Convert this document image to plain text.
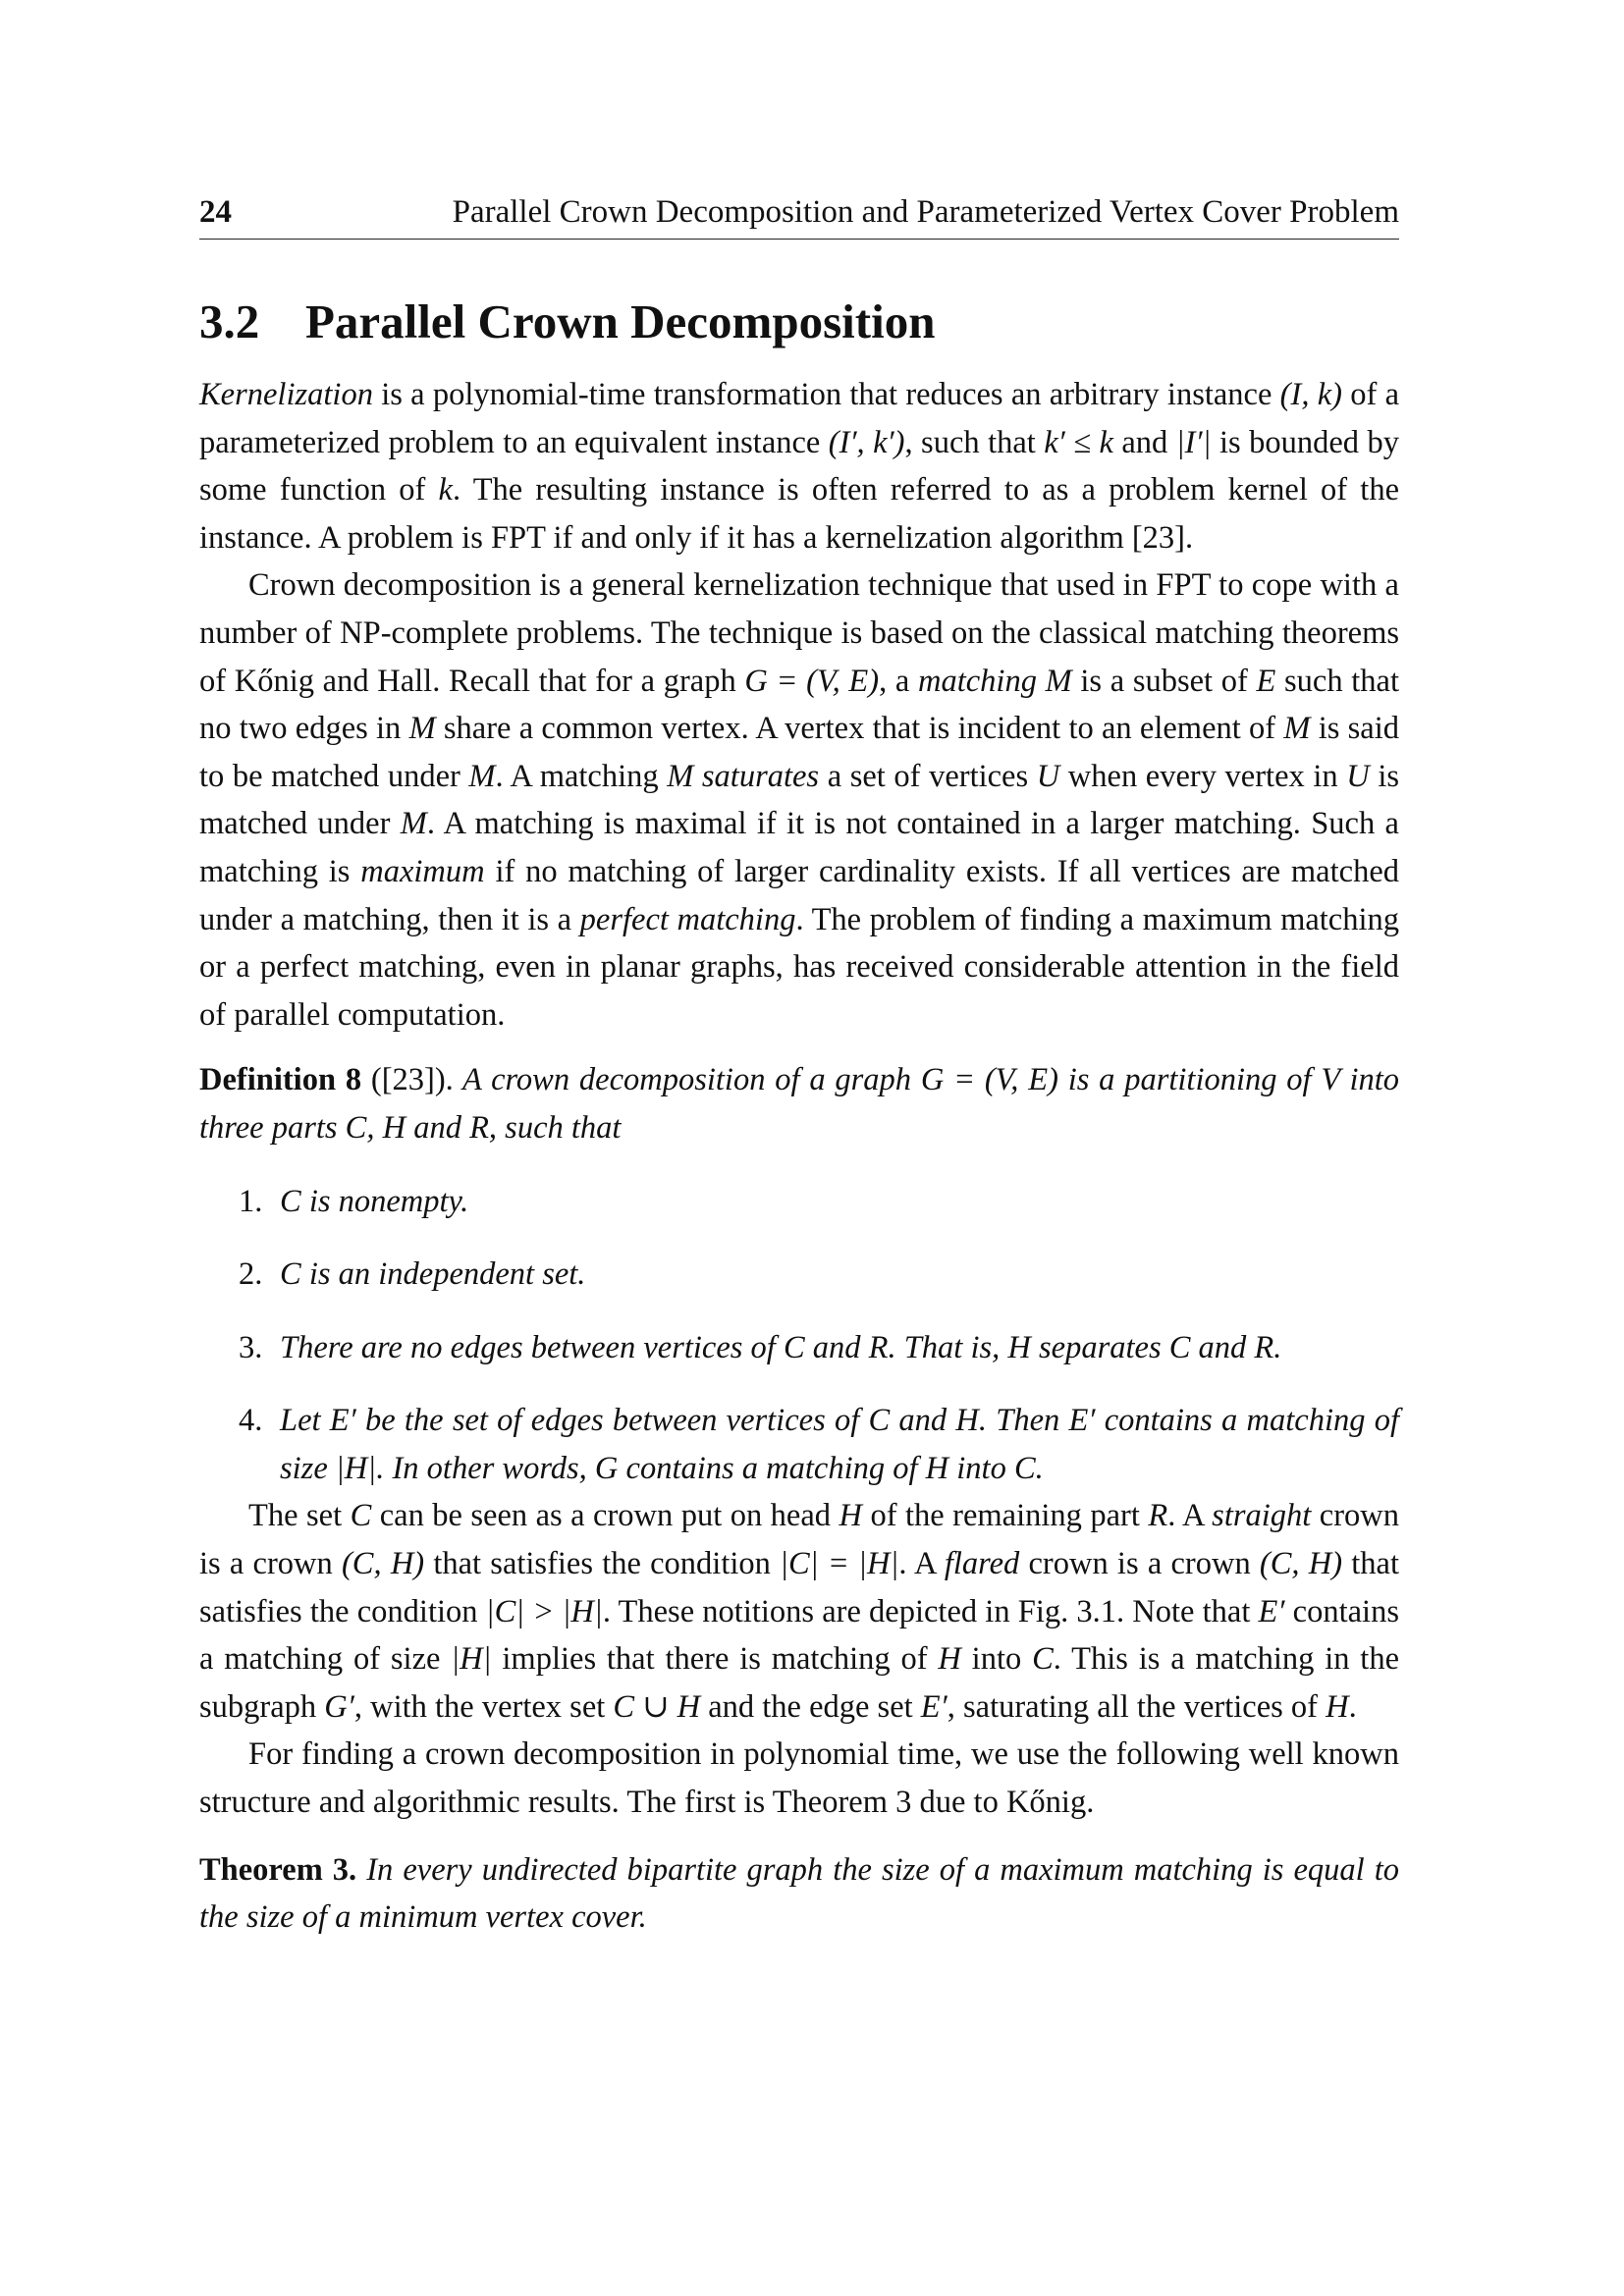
24	Parallel Crown Decomposition and Parameterized Vertex Cover Problem
3.2 Parallel Crown Decomposition

Kernelization is a polynomial-time transformation that reduces an arbitrary instance (I, k) of a parameterized problem to an equivalent instance (I′, k′), such that k′ ≤ k and |I′| is bounded by some function of k. The resulting instance is often referred to as a problem kernel of the instance. A problem is FPT if and only if it has a kernelization algorithm [23].

Crown decomposition is a general kernelization technique that used in FPT to cope with a number of NP-complete problems. The technique is based on the classical matching theorems of Kőnig and Hall. Recall that for a graph G = (V, E), a matching M is a subset of E such that no two edges in M share a common vertex. A vertex that is incident to an element of M is said to be matched under M. A matching M saturates a set of vertices U when every vertex in U is matched under M. A matching is maximal if it is not contained in a larger matching. Such a matching is maximum if no matching of larger cardinality exists. If all vertices are matched under a matching, then it is a perfect matching. The problem of finding a maximum matching or a perfect matching, even in planar graphs, has received considerable attention in the field of parallel computation.

Definition 8 ([23]). A crown decomposition of a graph G = (V, E) is a partitioning of V into three parts C, H and R, such that
1. C is nonempty.
2. C is an independent set.
3. There are no edges between vertices of C and R. That is, H separates C and R.
4. Let E′ be the set of edges between vertices of C and H. Then E′ contains a matching of size |H|. In other words, G contains a matching of H into C.

The set C can be seen as a crown put on head H of the remaining part R. A straight crown is a crown (C, H) that satisfies the condition |C| = |H|. A flared crown is a crown (C, H) that satisfies the condition |C| > |H|. These notitions are depicted in Fig. 3.1. Note that E′ contains a matching of size |H| implies that there is matching of H into C. This is a matching in the subgraph G′, with the vertex set C ∪ H and the edge set E′, saturating all the vertices of H.

For finding a crown decomposition in polynomial time, we use the following well known structure and algorithmic results. The first is Theorem 3 due to Kőnig.

Theorem 3. In every undirected bipartite graph the size of a maximum matching is equal to the size of a minimum vertex cover.
